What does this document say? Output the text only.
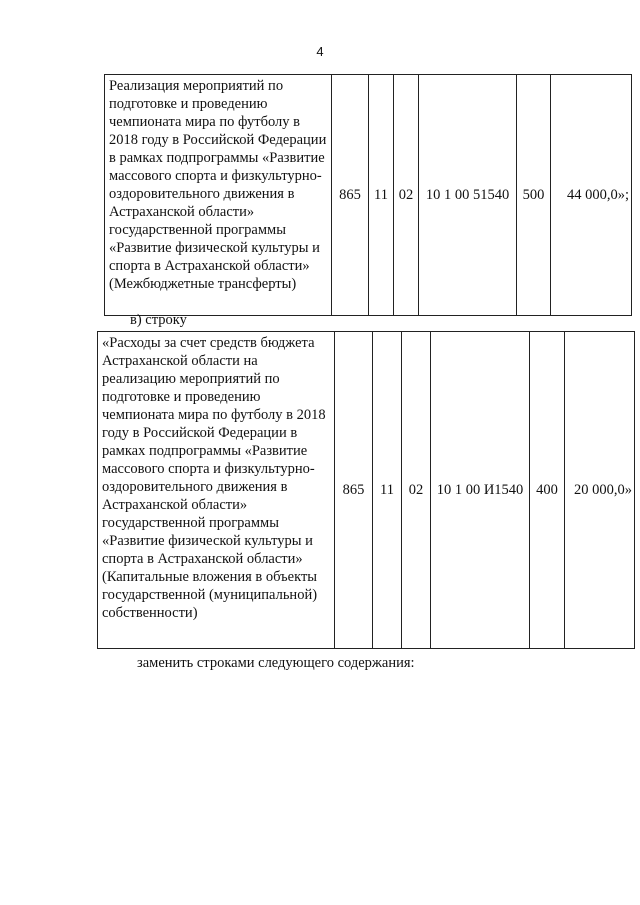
4
Реализация мероприятий по подготовке и проведению чемпионата мира по футболу в 2018 году в Российской Федерации в рамках подпрограммы «Развитие массового спорта и физкультурно-оздоровительного движения в Астраханской области» государственной программы «Развитие физической культуры и спорта в Астраханской области» (Межбюджетные трансферты)	865	11	02	10 1 00 51540	500	44 000,0»;
в) строку
«Расходы за счет средств бюджета Астраханской области на реализацию мероприятий по подготовке и проведению чемпионата мира по футболу в 2018 году в Российской Федерации в рамках подпрограммы «Развитие массового спорта и физкультурно-оздоровительного движения в Астраханской области» государственной программы «Развитие физической культуры и спорта в Астраханской области» (Капитальные вложения в объекты государственной (муниципальной) собственности)	865	11	02	10 1 00 И1540	400	20 000,0»
заменить строками следующего содержания:
